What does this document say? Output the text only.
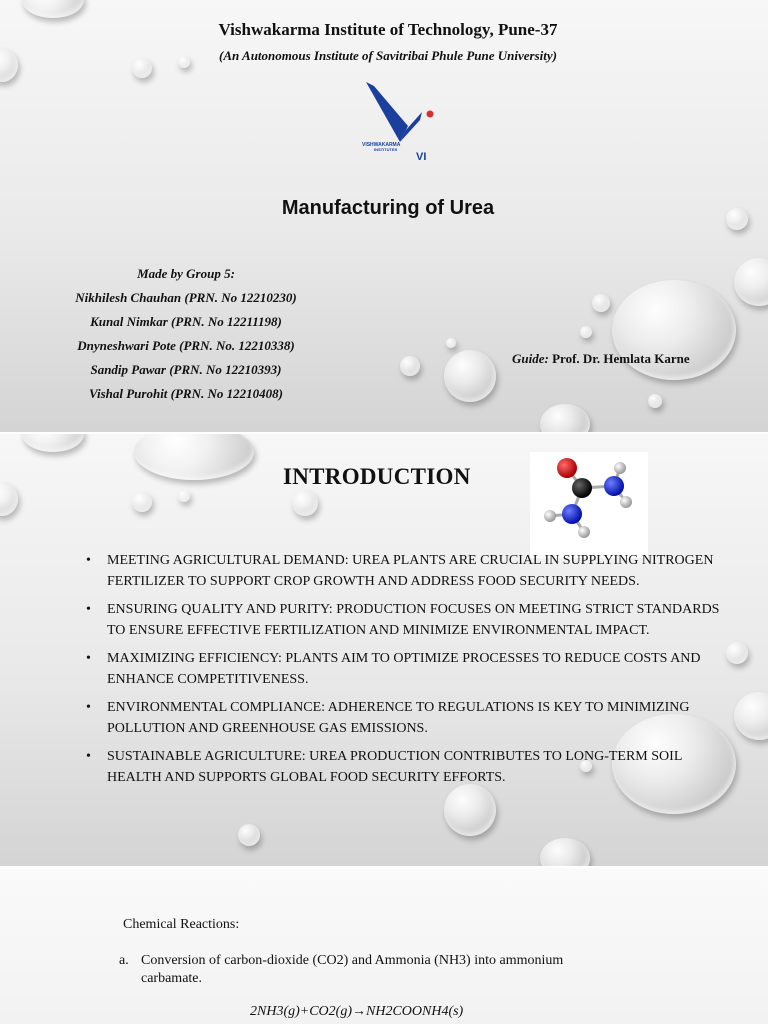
Vishwakarma Institute of Technology, Pune-37
(An Autonomous Institute of Savitribai Phule Pune University)
VISHWAKARMA
INSTITUTES
VI
Manufacturing of Urea
Made by Group 5:
Nikhilesh Chauhan (PRN. No 12210230)
Kunal Nimkar (PRN. No 12211198)
Dnyneshwari Pote (PRN. No. 12210338)
Sandip Pawar (PRN. No 12210393)
Vishal Purohit (PRN. No 12210408)
Guide: Prof. Dr. Hemlata Karne
INTRODUCTION
• MEETING AGRICULTURAL DEMAND: UREA PLANTS ARE CRUCIAL IN SUPPLYING NITROGEN FERTILIZER TO SUPPORT CROP GROWTH AND ADDRESS FOOD SECURITY NEEDS.
• ENSURING QUALITY AND PURITY: PRODUCTION FOCUSES ON MEETING STRICT STANDARDS TO ENSURE EFFECTIVE FERTILIZATION AND MINIMIZE ENVIRONMENTAL IMPACT.
• MAXIMIZING EFFICIENCY: PLANTS AIM TO OPTIMIZE PROCESSES TO REDUCE COSTS AND ENHANCE COMPETITIVENESS.
• ENVIRONMENTAL COMPLIANCE: ADHERENCE TO REGULATIONS IS KEY TO MINIMIZING POLLUTION AND GREENHOUSE GAS EMISSIONS.
• SUSTAINABLE AGRICULTURE: UREA PRODUCTION CONTRIBUTES TO LONG-TERM SOIL HEALTH AND SUPPORTS GLOBAL FOOD SECURITY EFFORTS.
Chemical Reactions:
a. Conversion of carbon-dioxide (CO2) and Ammonia (NH3) into ammonium carbamate.
2NH3(g)+CO2(g)→NH2COONH4(s)
